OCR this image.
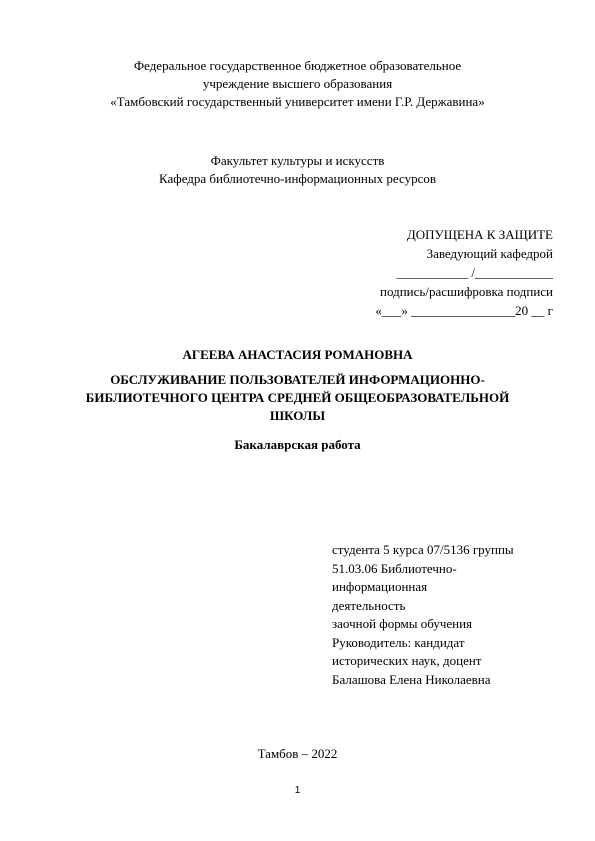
Федеральное государственное бюджетное образовательное
учреждение высшего образования
«Тамбовский государственный университет имени Г.Р. Державина»
Факультет культуры и искусств
Кафедра библиотечно-информационных ресурсов
ДОПУЩЕНА К ЗАЩИТЕ
Заведующий кафедрой
___________ /____________
подпись/расшифровка подписи
«___» ________________20 __ г
АГЕЕВА АНАСТАСИЯ РОМАНОВНА
ОБСЛУЖИВАНИЕ ПОЛЬЗОВАТЕЛЕЙ ИНФОРМАЦИОННО-
БИБЛИОТЕЧНОГО ЦЕНТРА СРЕДНЕЙ ОБЩЕОБРАЗОВАТЕЛЬНОЙ
ШКОЛЫ
Бакалаврская работа
студента 5 курса 07/5136 группы
51.03.06 Библиотечно-
информационная
деятельность
заочной формы обучения
Руководитель: кандидат
исторических наук, доцент
Балашова Елена Николаевна
Тамбов – 2022
1
